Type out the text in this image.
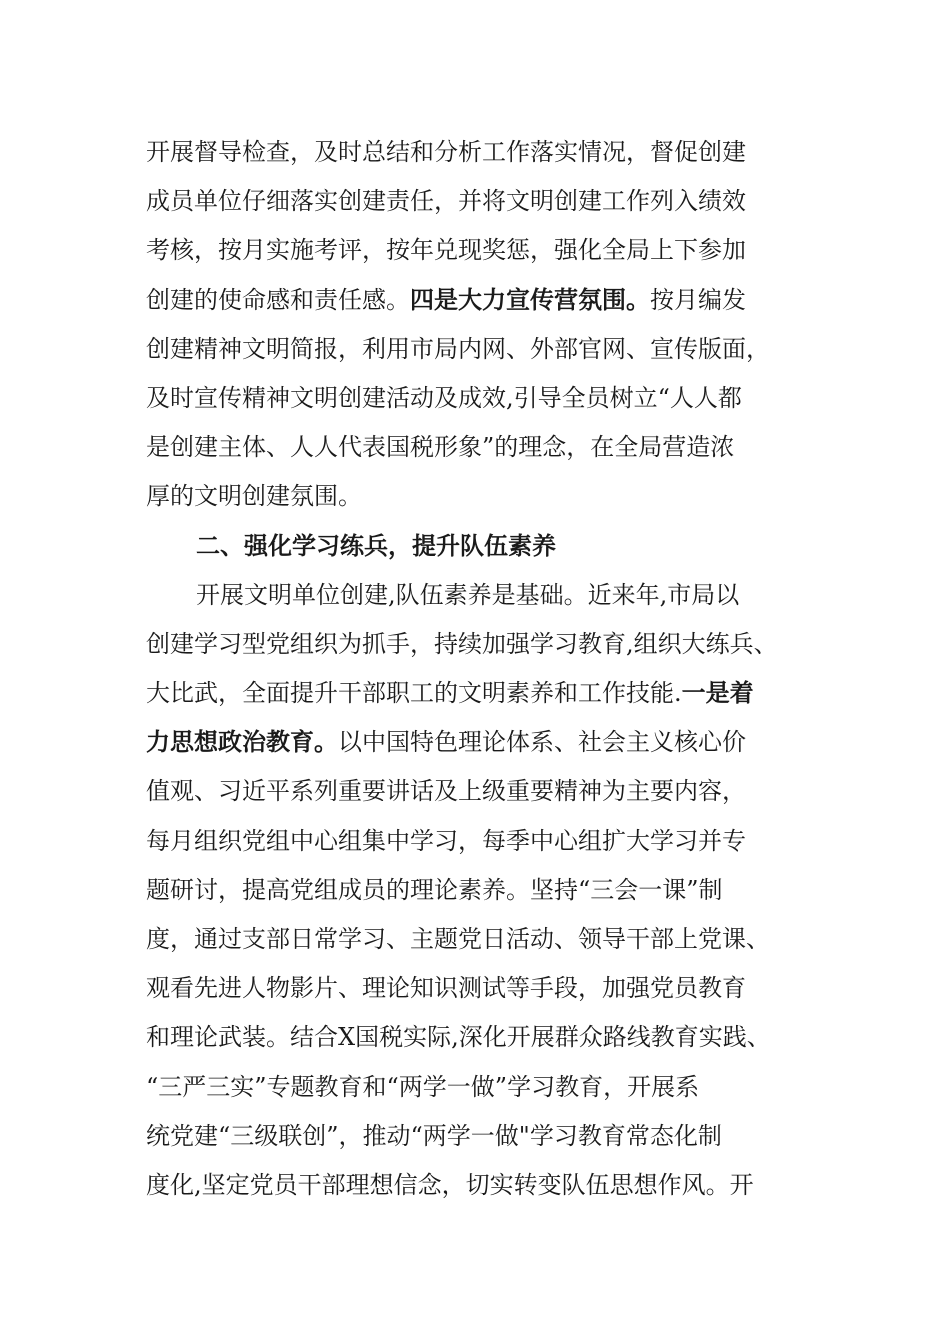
开展督导检查，及时总结和分析工作落实情况，督促创建
成员单位仔细落实创建责任，并将文明创建工作列入绩效
考核，按月实施考评，按年兑现奖惩，强化全局上下参加
创建的使命感和责任感。四是大力宣传营氛围。按月编发
创建精神文明简报，利用市局内网、外部官网、宣传版面，
及时宣传精神文明创建活动及成效,引导全员树立“人人都
是创建主体、人人代表国税形象”的理念，在全局营造浓
厚的文明创建氛围。
二、强化学习练兵，提升队伍素养
开展文明单位创建,队伍素养是基础。近来年,市局以
创建学习型党组织为抓手，持续加强学习教育,组织大练兵、
大比武，全面提升干部职工的文明素养和工作技能.一是着
力思想政治教育。以中国特色理论体系、社会主义核心价
值观、习近平系列重要讲话及上级重要精神为主要内容，
每月组织党组中心组集中学习，每季中心组扩大学习并专
题研讨，提高党组成员的理论素养。坚持“三会一课”制
度，通过支部日常学习、主题党日活动、领导干部上党课、
观看先进人物影片、理论知识测试等手段，加强党员教育
和理论武装。结合X国税实际,深化开展群众路线教育实践、
“三严三实”专题教育和“两学一做”学习教育，开展系
统党建“三级联创”，推动“两学一做"学习教育常态化制
度化,坚定党员干部理想信念，切实转变队伍思想作风。开
